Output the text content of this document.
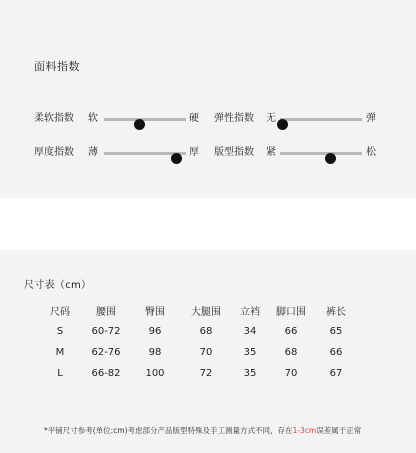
面料指数
柔软指数 软	硬 弹性指数 无	弹
厚度指数 薄	厚 版型指数 紧	松
尺寸表（cm）
尺码	腰围	臀围	大腿围	立裆	脚口围	裤长
S	60-72	96	68	34	66	65
M	62-76	98	70	35	68	66
L	66-82	100	72	35	70	67
*平铺尺寸参考(单位:cm)考虑部分产品版型特殊及手工测量方式不同，存在1-3cm误差属于正常
